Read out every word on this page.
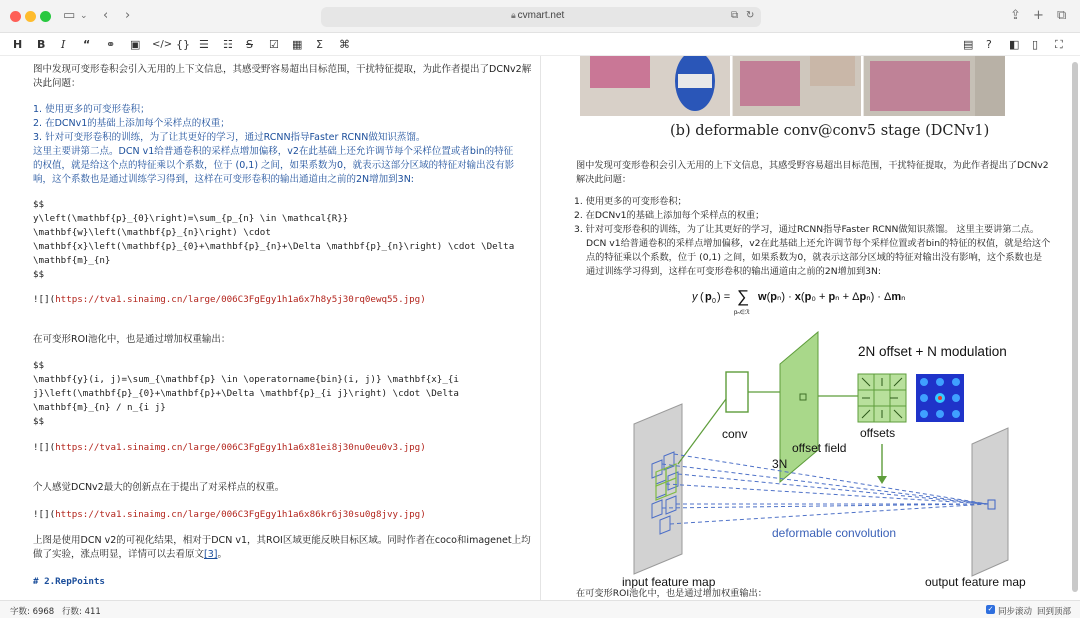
▭ ⌄ ‹ ›	🔒︎ cvmart.net	⧉ ↻	⇪ + ⧉
H B I “ ⚭ ▣ </> {} ☰ ☷ S ☑ ▦ Σ ⌘	▤ ? ◧ ▯ ⛶
图中发现可变形卷积会引入无用的上下文信息，其感受野容易超出目标范围，干扰特征提取，为此作者提出了DCNv2解
决此问题：
1. 使用更多的可变形卷积；
2. 在DCNv1的基础上添加每个采样点的权重；
3. 针对可变形卷积的训练，为了让其更好的学习，通过RCNN指导Faster RCNN做知识蒸馏。
这里主要讲第二点。DCN v1给普通卷积的采样点增加偏移，v2在此基础上还允许调节每个采样位置或者bin的特征
的权值，就是给这个点的特征乘以个系数，位于 (0,1) 之间，如果系数为0，就表示这部分区域的特征对输出没有影
响，这个系数也是通过训练学习得到，这样在可变形卷积的输出通道由之前的2N增加到3N:
$$
y\left(\mathbf{p}_{0}\right)=\sum_{p_{n} \in \mathcal{R}}
\mathbf{w}\left(\mathbf{p}_{n}\right) \cdot
\mathbf{x}\left(\mathbf{p}_{0}+\mathbf{p}_{n}+\Delta \mathbf{p}_{n}\right) \cdot \Delta
\mathbf{m}_{n}
$$
![](https://tva1.sinaimg.cn/large/006C3FgEgy1h1a6x7h8y5j30rq0ewq55.jpg)
在可变形ROI池化中，也是通过增加权重输出：
$$
\mathbf{y}(i, j)=\sum_{\mathbf{p} \in \operatorname{bin}(i, j)} \mathbf{x}_{i
j}\left(\mathbf{p}_{0}+\mathbf{p}+\Delta \mathbf{p}_{i j}\right) \cdot \Delta
\mathbf{m}_{n} / n_{i j}
$$
![](https://tva1.sinaimg.cn/large/006C3FgEgy1h1a6x81ei8j30nu0eu0v3.jpg)
个人感觉DCNv2最大的创新点在于提出了对采样点的权重。
![](https://tva1.sinaimg.cn/large/006C3FgEgy1h1a6x86kr6j30su0g8jvy.jpg)
上图是使用DCN v2的可视化结果，相对于DCN v1，其ROI区域更能反映目标区域。同时作者在coco和imagenet上均
做了实验，涨点明显，详情可以去看原文[3]。
# 2.RepPoints
(b) deformable conv@conv5 stage (DCNv1)
图中发现可变形卷积会引入无用的上下文信息，其感受野容易超出目标范围，干扰特征提取，为此作者提出了DCNv2
解决此问题：
1. 使用更多的可变形卷积；
2. 在DCNv1的基础上添加每个采样点的权重；
3. 针对可变形卷积的训练，为了让其更好的学习，通过RCNN指导Faster RCNN做知识蒸馏。 这里主要讲第二点。
DCN v1给普通卷积的采样点增加偏移，v2在此基础上还允许调节每个采样位置或者bin的特征的权值，就是给这个
点的特征乘以个系数，位于 (0,1) 之间，如果系数为0，就表示这部分区域的特征对输出没有影响，这个系数也是
通过训练学习得到，这样在可变形卷积的输出通道由之前的2N增加到3N:
y ( p 0 ) = ∑
pₙ∈ℛ
w(pₙ) · x(p₀ + pₙ + Δpₙ) · Δmₙ
2N offset + N modulation
conv
offset field
3N
offsets
deformable convolution
input feature map	output feature map
在可变形ROI池化中，也是通过增加权重输出：
字数: 6968 行数: 411	✓ 同步滚动 回到顶部
